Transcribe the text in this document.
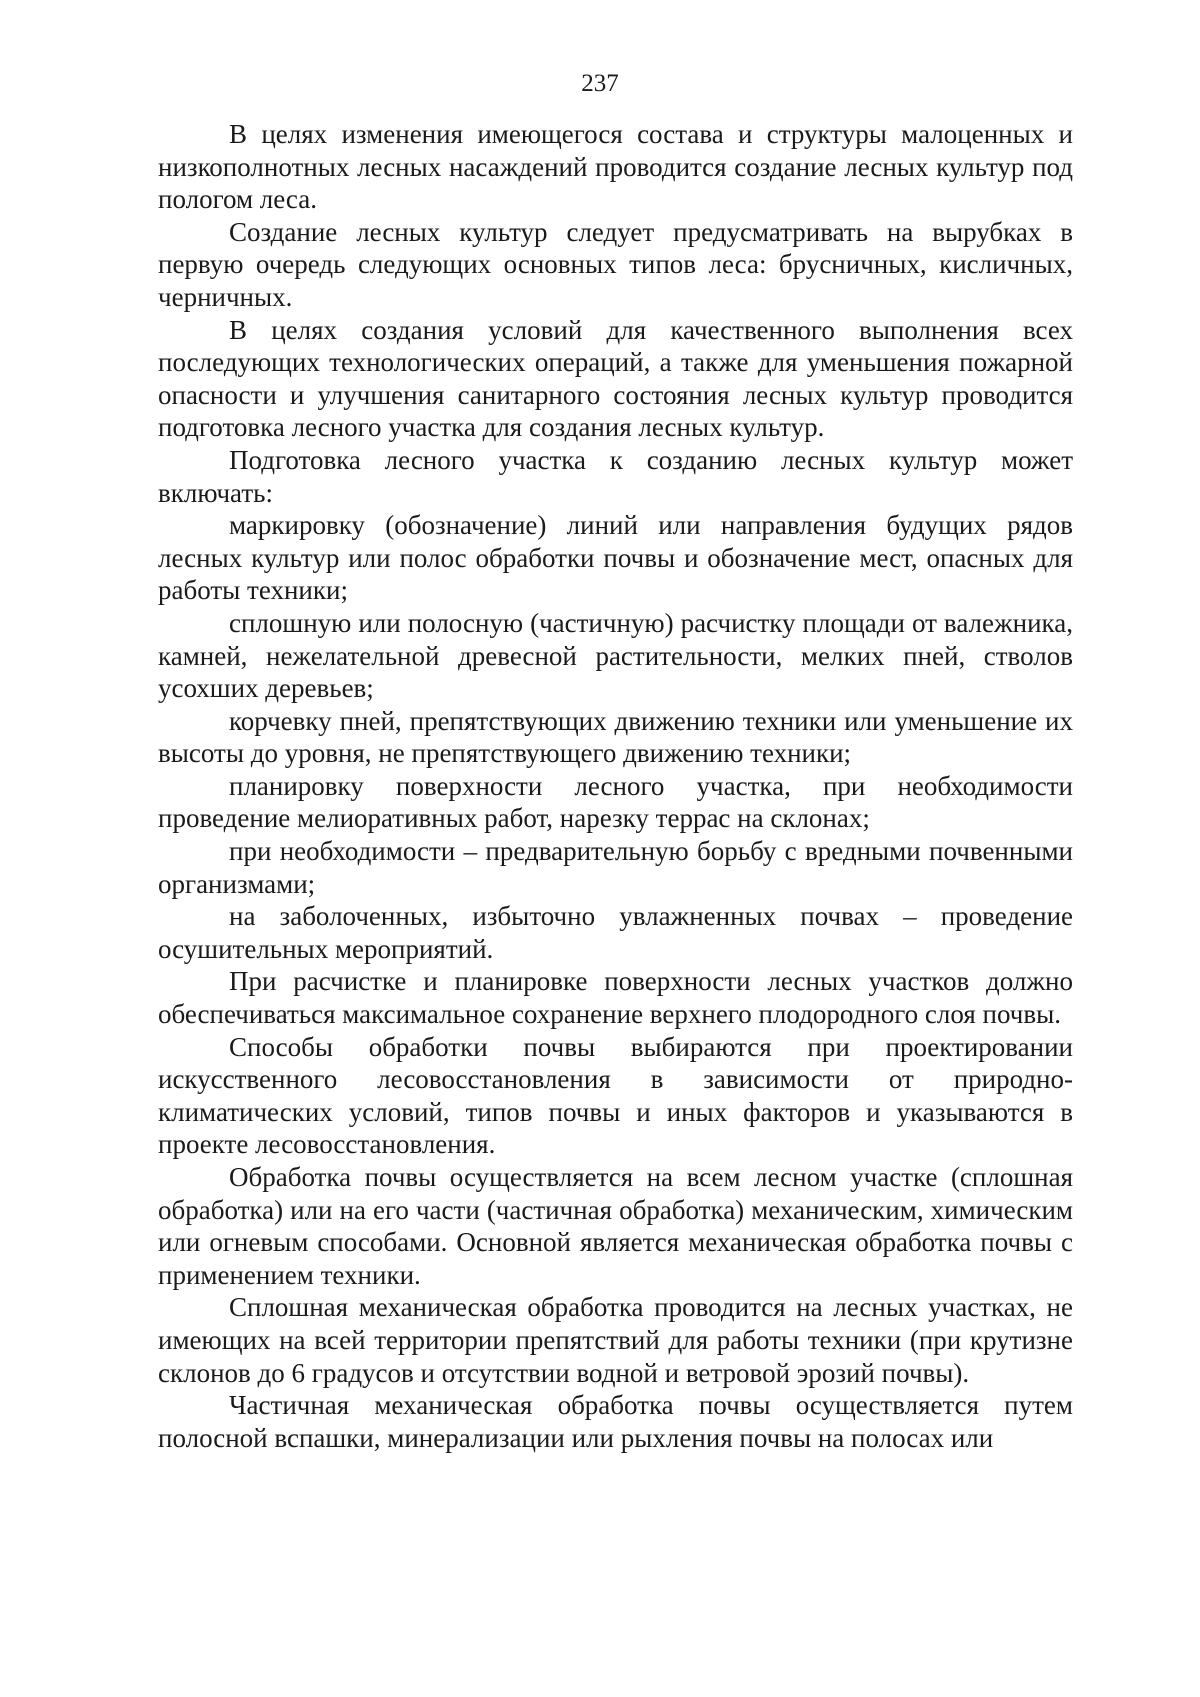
237

В целях изменения имеющегося состава и структуры малоценных и низкополнотных лесных насаждений проводится создание лесных культур под пологом леса.

Создание лесных культур следует предусматривать на вырубках в первую очередь следующих основных типов леса: брусничных, кисличных, черничных.

В целях создания условий для качественного выполнения всех последующих технологических операций, а также для уменьшения пожарной опасности и улучшения санитарного состояния лесных культур проводится подготовка лесного участка для создания лесных культур.

Подготовка лесного участка к созданию лесных культур может включать:

маркировку (обозначение) линий или направления будущих рядов лесных культур или полос обработки почвы и обозначение мест, опасных для работы техники;

сплошную или полосную (частичную) расчистку площади от валежника, камней, нежелательной древесной растительности, мелких пней, стволов усохших деревьев;

корчевку пней, препятствующих движению техники или уменьшение их высоты до уровня, не препятствующего движению техники;

планировку поверхности лесного участка, при необходимости проведение мелиоративных работ, нарезку террас на склонах;

при необходимости – предварительную борьбу с вредными почвенными организмами;

на заболоченных, избыточно увлажненных почвах – проведение осушительных мероприятий.

При расчистке и планировке поверхности лесных участков должно обеспечиваться максимальное сохранение верхнего плодородного слоя почвы.

Способы обработки почвы выбираются при проектировании искусственного лесовосстановления в зависимости от природно-климатических условий, типов почвы и иных факторов и указываются в проекте лесовосстановления.

Обработка почвы осуществляется на всем лесном участке (сплошная обработка) или на его части (частичная обработка) механическим, химическим или огневым способами. Основной является механическая обработка почвы с применением техники.

Сплошная механическая обработка проводится на лесных участках, не имеющих на всей территории препятствий для работы техники (при крутизне склонов до 6 градусов и отсутствии водной и ветровой эрозий почвы).

Частичная механическая обработка почвы осуществляется путем полосной вспашки, минерализации или рыхления почвы на полосах или
